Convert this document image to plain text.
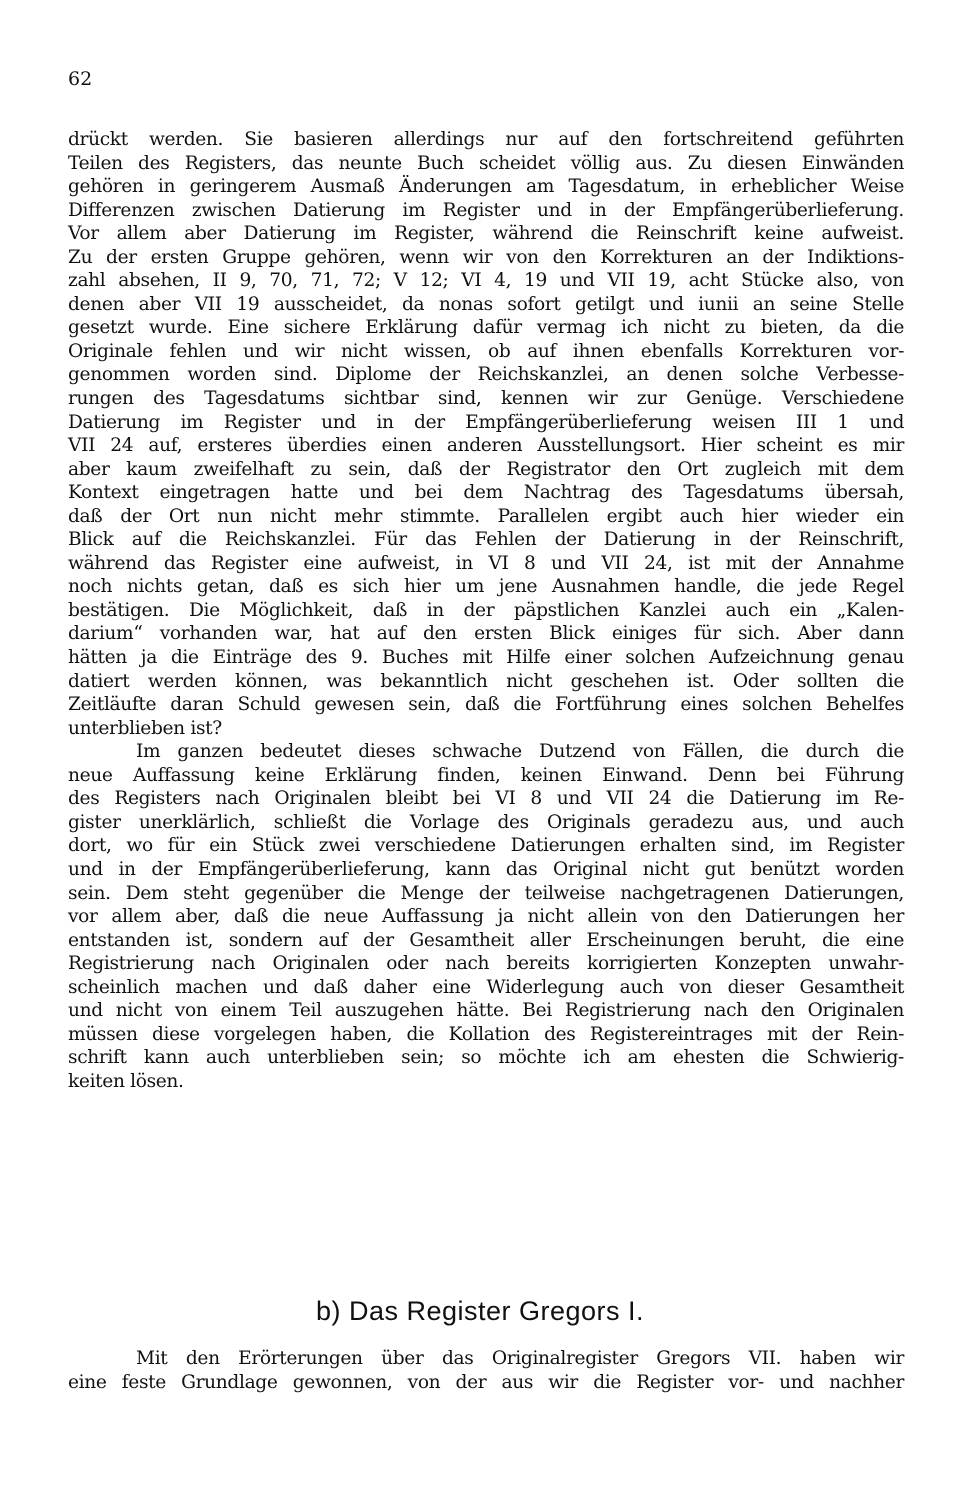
62
drückt werden. Sie basieren allerdings nur auf den fortschreitend geführten
Teilen des Registers, das neunte Buch scheidet völlig aus. Zu diesen Einwänden
gehören in geringerem Ausmaß Änderungen am Tagesdatum, in erheblicher Weise
Differenzen zwischen Datierung im Register und in der Empfängerüberlieferung.
Vor allem aber Datierung im Register, während die Reinschrift keine aufweist.
Zu der ersten Gruppe gehören, wenn wir von den Korrekturen an der Indiktions-
zahl absehen, II 9, 70, 71, 72; V 12; VI 4, 19 und VII 19, acht Stücke also, von
denen aber VII 19 ausscheidet, da nonas sofort getilgt und iunii an seine Stelle
gesetzt wurde. Eine sichere Erklärung dafür vermag ich nicht zu bieten, da die
Originale fehlen und wir nicht wissen, ob auf ihnen ebenfalls Korrekturen vor-
genommen worden sind. Diplome der Reichskanzlei, an denen solche Verbesse-
rungen des Tagesdatums sichtbar sind, kennen wir zur Genüge. Verschiedene
Datierung im Register und in der Empfängerüberlieferung weisen III 1 und
VII 24 auf, ersteres überdies einen anderen Ausstellungsort. Hier scheint es mir
aber kaum zweifelhaft zu sein, daß der Registrator den Ort zugleich mit dem
Kontext eingetragen hatte und bei dem Nachtrag des Tagesdatums übersah,
daß der Ort nun nicht mehr stimmte. Parallelen ergibt auch hier wieder ein
Blick auf die Reichskanzlei. Für das Fehlen der Datierung in der Reinschrift,
während das Register eine aufweist, in VI 8 und VII 24, ist mit der Annahme
noch nichts getan, daß es sich hier um jene Ausnahmen handle, die jede Regel
bestätigen. Die Möglichkeit, daß in der päpstlichen Kanzlei auch ein „Kalen-
darium“ vorhanden war, hat auf den ersten Blick einiges für sich. Aber dann
hätten ja die Einträge des 9. Buches mit Hilfe einer solchen Aufzeichnung genau
datiert werden können, was bekanntlich nicht geschehen ist. Oder sollten die
Zeitläufte daran Schuld gewesen sein, daß die Fortführung eines solchen Behelfes
unterblieben ist?
Im ganzen bedeutet dieses schwache Dutzend von Fällen, die durch die
neue Auffassung keine Erklärung finden, keinen Einwand. Denn bei Führung
des Registers nach Originalen bleibt bei VI 8 und VII 24 die Datierung im Re-
gister unerklärlich, schließt die Vorlage des Originals geradezu aus, und auch
dort, wo für ein Stück zwei verschiedene Datierungen erhalten sind, im Register
und in der Empfängerüberlieferung, kann das Original nicht gut benützt worden
sein. Dem steht gegenüber die Menge der teilweise nachgetragenen Datierungen,
vor allem aber, daß die neue Auffassung ja nicht allein von den Datierungen her
entstanden ist, sondern auf der Gesamtheit aller Erscheinungen beruht, die eine
Registrierung nach Originalen oder nach bereits korrigierten Konzepten unwahr-
scheinlich machen und daß daher eine Widerlegung auch von dieser Gesamtheit
und nicht von einem Teil auszugehen hätte. Bei Registrierung nach den Originalen
müssen diese vorgelegen haben, die Kollation des Registereintrages mit der Rein-
schrift kann auch unterblieben sein; so möchte ich am ehesten die Schwierig-
keiten lösen.
b) Das Register Gregors I.
Mit den Erörterungen über das Originalregister Gregors VII. haben wir
eine feste Grundlage gewonnen, von der aus wir die Register vor- und nachher
